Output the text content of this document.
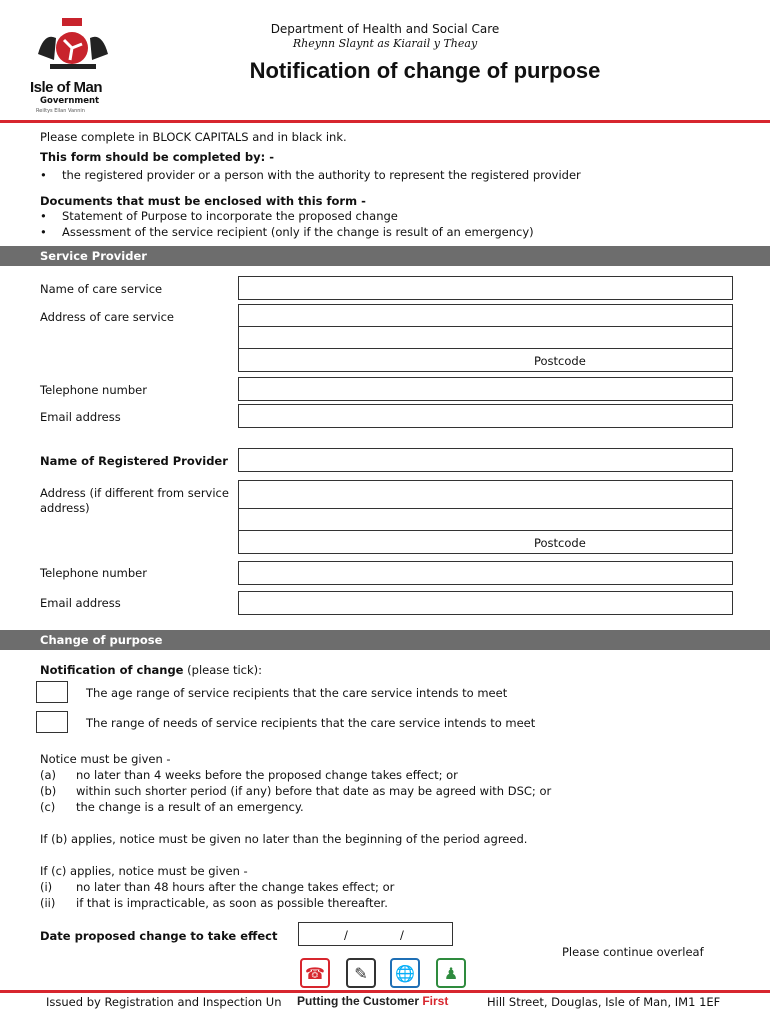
Isle of Man
Government
Reiltys Ellan Vannin
Department of Health and Social Care
Rheynn Slaynt as Kiarail y Theay
Notification of change of purpose
Please complete in BLOCK CAPITALS and in black ink.
This form should be completed by: -
• the registered provider or a person with the authority to represent the registered provider
Documents that must be enclosed with this form -
• Statement of Purpose to incorporate the proposed change
• Assessment of the service recipient (only if the change is result of an emergency)
Service Provider
Name of care service
Address of care service
Postcode
Telephone number
Email address
Name of Registered Provider
Address (if different from service address)
Postcode
Telephone number
Email address
Change of purpose
Notification of change (please tick):
The age range of service recipients that the care service intends to meet
The range of needs of service recipients that the care service intends to meet
Notice must be given -
(a) no later than 4 weeks before the proposed change takes effect; or
(b) within such shorter period (if any) before that date as may be agreed with DSC; or
(c) the change is a result of an emergency.
If (b) applies, notice must be given no later than the beginning of the period agreed.
If (c) applies, notice must be given -
(i) no later than 48 hours after the change takes effect; or
(ii) if that is impracticable, as soon as possible thereafter.
Date proposed change to take effect	/	/
Please continue overleaf
☎	✎	🌐	♟
Issued by Registration and Inspection Un Putting the Customer First	Hill Street, Douglas, Isle of Man, IM1 1EF
